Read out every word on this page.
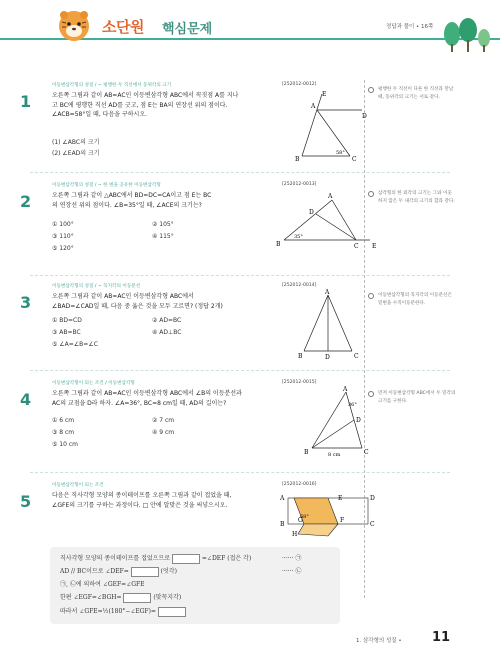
소단원 핵심문제	정답과 풀이 • 16쪽
1
이등변삼각형의 성질 / ~ 평행한 두 직선에서 동위각의 크기	[252012-0012]
오른쪽 그림과 같이 AB=AC인 이등변삼각형 ABC에서 꼭짓점 A를 지나
고 BC에 평행한 직선 AD를 긋고, 점 E는 BA의 연장선 위의 점이다.
∠ACB=58°일 때, 다음을 구하시오.
(1) ∠ABC의 크기
(2) ∠EAD의 크기
E
A
D
B	C
58°
평행한 두 직선이 다른 한 직선과 만날 때, 동위각의 크기는 서로 같다.
2
이등변삼각형의 성질 / ~ 한 변을 공유한 이등변삼각형	[252012-0013]
오른쪽 그림과 같이 △ABC에서 BD=DC=CA이고 점 E는 BC
의 연장선 위의 점이다. ∠B=35°일 때, ∠ACE의 크기는?
① 100°	② 105°
③ 110°	④ 115°
⑤ 120°
A
D
B	C E
35°
삼각형의 한 외각의 크기는 그와 이웃하지 않은 두 내각의 크기의 합과 같다.
3
이등변삼각형의 성질 / ~ 꼭지각의 이등분선	[252012-0014]
오른쪽 그림과 같이 AB=AC인 이등변삼각형 ABC에서
∠BAD=∠CAD일 때, 다음 중 옳은 것을 모두 고르면? (정답 2개)
① BD=CD	② AD=BC
③ AB=BC	④ AD⊥BC
⑤ ∠A=∠B=∠C
A
B	D	C
이등변삼각형의 꼭지각의 이등분선은 밑변을 수직이등분한다.
4
이등변삼각형이 되는 조건 / 이등변삼각형	[252012-0015]
오른쪽 그림과 같이 AB=AC인 이등변삼각형 ABC에서 ∠B의 이등분선과
AC의 교점을 D라 하자. ∠A=36°, BC=8 cm일 때, AD의 길이는?
① 6 cm	② 7 cm
③ 8 cm	④ 9 cm
⑤ 10 cm
A
36°
D
B	C
8 cm
먼저 이등변삼각형 ABC에서 두 밑각의 크기를 구한다.
5
이등변삼각형이 되는 조건	[252012-0016]
다음은 직사각형 모양의 종이테이프를 오른쪽 그림과 같이 접었을 때,
∠GFE의 크기를 구하는 과정이다. □ 안에 알맞은 것을 써넣으시오.
A	E	D
B
G	F
C
H
68°
직사각형 모양의 종이테이프를 접었으므로	=∠DEF (접은 각)	······ ㉠
AD // BC이므로 ∠DEF=	(엇각)	······ ㉡
㉠, ㉡에 의하여 ∠GEF=∠GFE
한편 ∠EGF=∠BGH=	(맞꼭지각)
따라서 ∠GFE=½(180°−∠EGF)=
1. 삼각형의 성질 • 11
